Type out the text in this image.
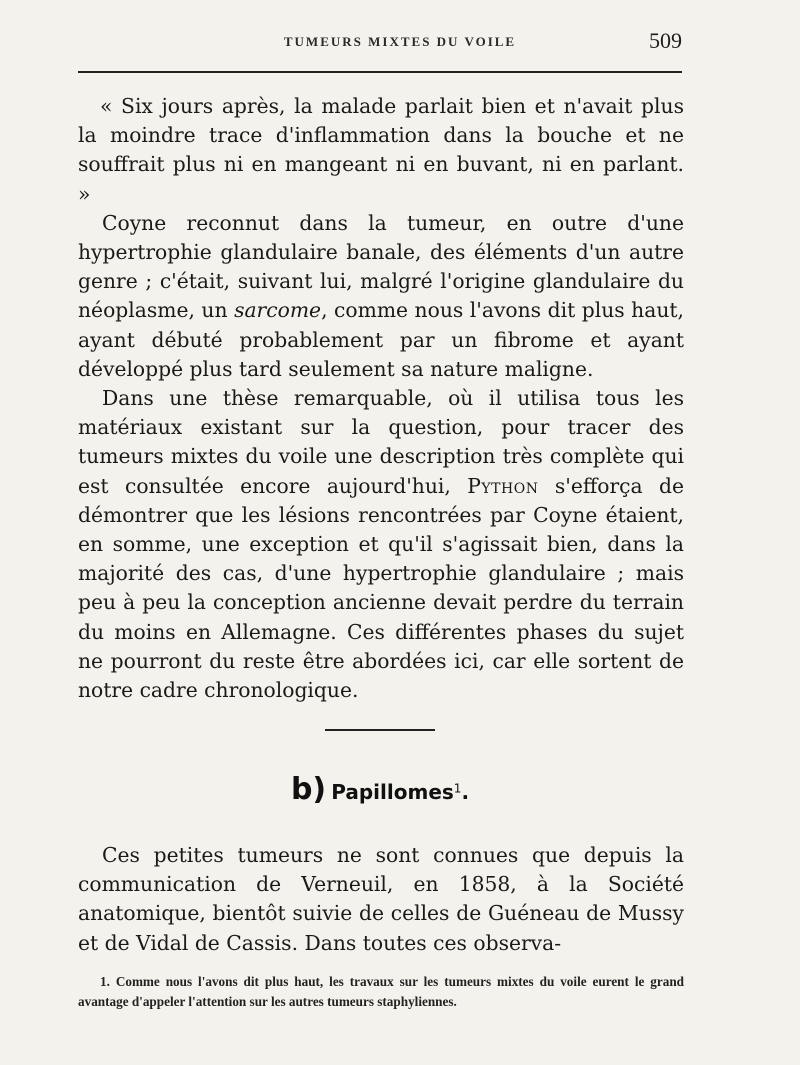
TUMEURS MIXTES DU VOILE	509

« Six jours après, la malade parlait bien et n'avait plus la moindre trace d'inflammation dans la bouche et ne souffrait plus ni en mangeant ni en buvant, ni en parlant. »

Coyne reconnut dans la tumeur, en outre d'une hypertrophie glandulaire banale, des éléments d'un autre genre ; c'était, suivant lui, malgré l'origine glandulaire du néoplasme, un sarcome, comme nous l'avons dit plus haut, ayant débuté probablement par un fibrome et ayant développé plus tard seulement sa nature maligne.

Dans une thèse remarquable, où il utilisa tous les matériaux existant sur la question, pour tracer des tumeurs mixtes du voile une description très complète qui est consultée encore aujourd'hui, Python s'efforça de démontrer que les lésions rencontrées par Coyne étaient, en somme, une exception et qu'il s'agissait bien, dans la majorité des cas, d'une hypertrophie glandulaire ; mais peu à peu la conception ancienne devait perdre du terrain du moins en Allemagne. Ces différentes phases du sujet ne pourront du reste être abordées ici, car elle sortent de notre cadre chronologique.

b) Papillomes$^1$.

Ces petites tumeurs ne sont connues que depuis la communication de Verneuil, en 1858, à la Société anatomique, bientôt suivie de celles de Guéneau de Mussy et de Vidal de Cassis. Dans toutes ces observa-

1. Comme nous l'avons dit plus haut, les travaux sur les tumeurs mixtes du voile eurent le grand avantage d'appeler l'attention sur les autres tumeurs staphyliennes.
